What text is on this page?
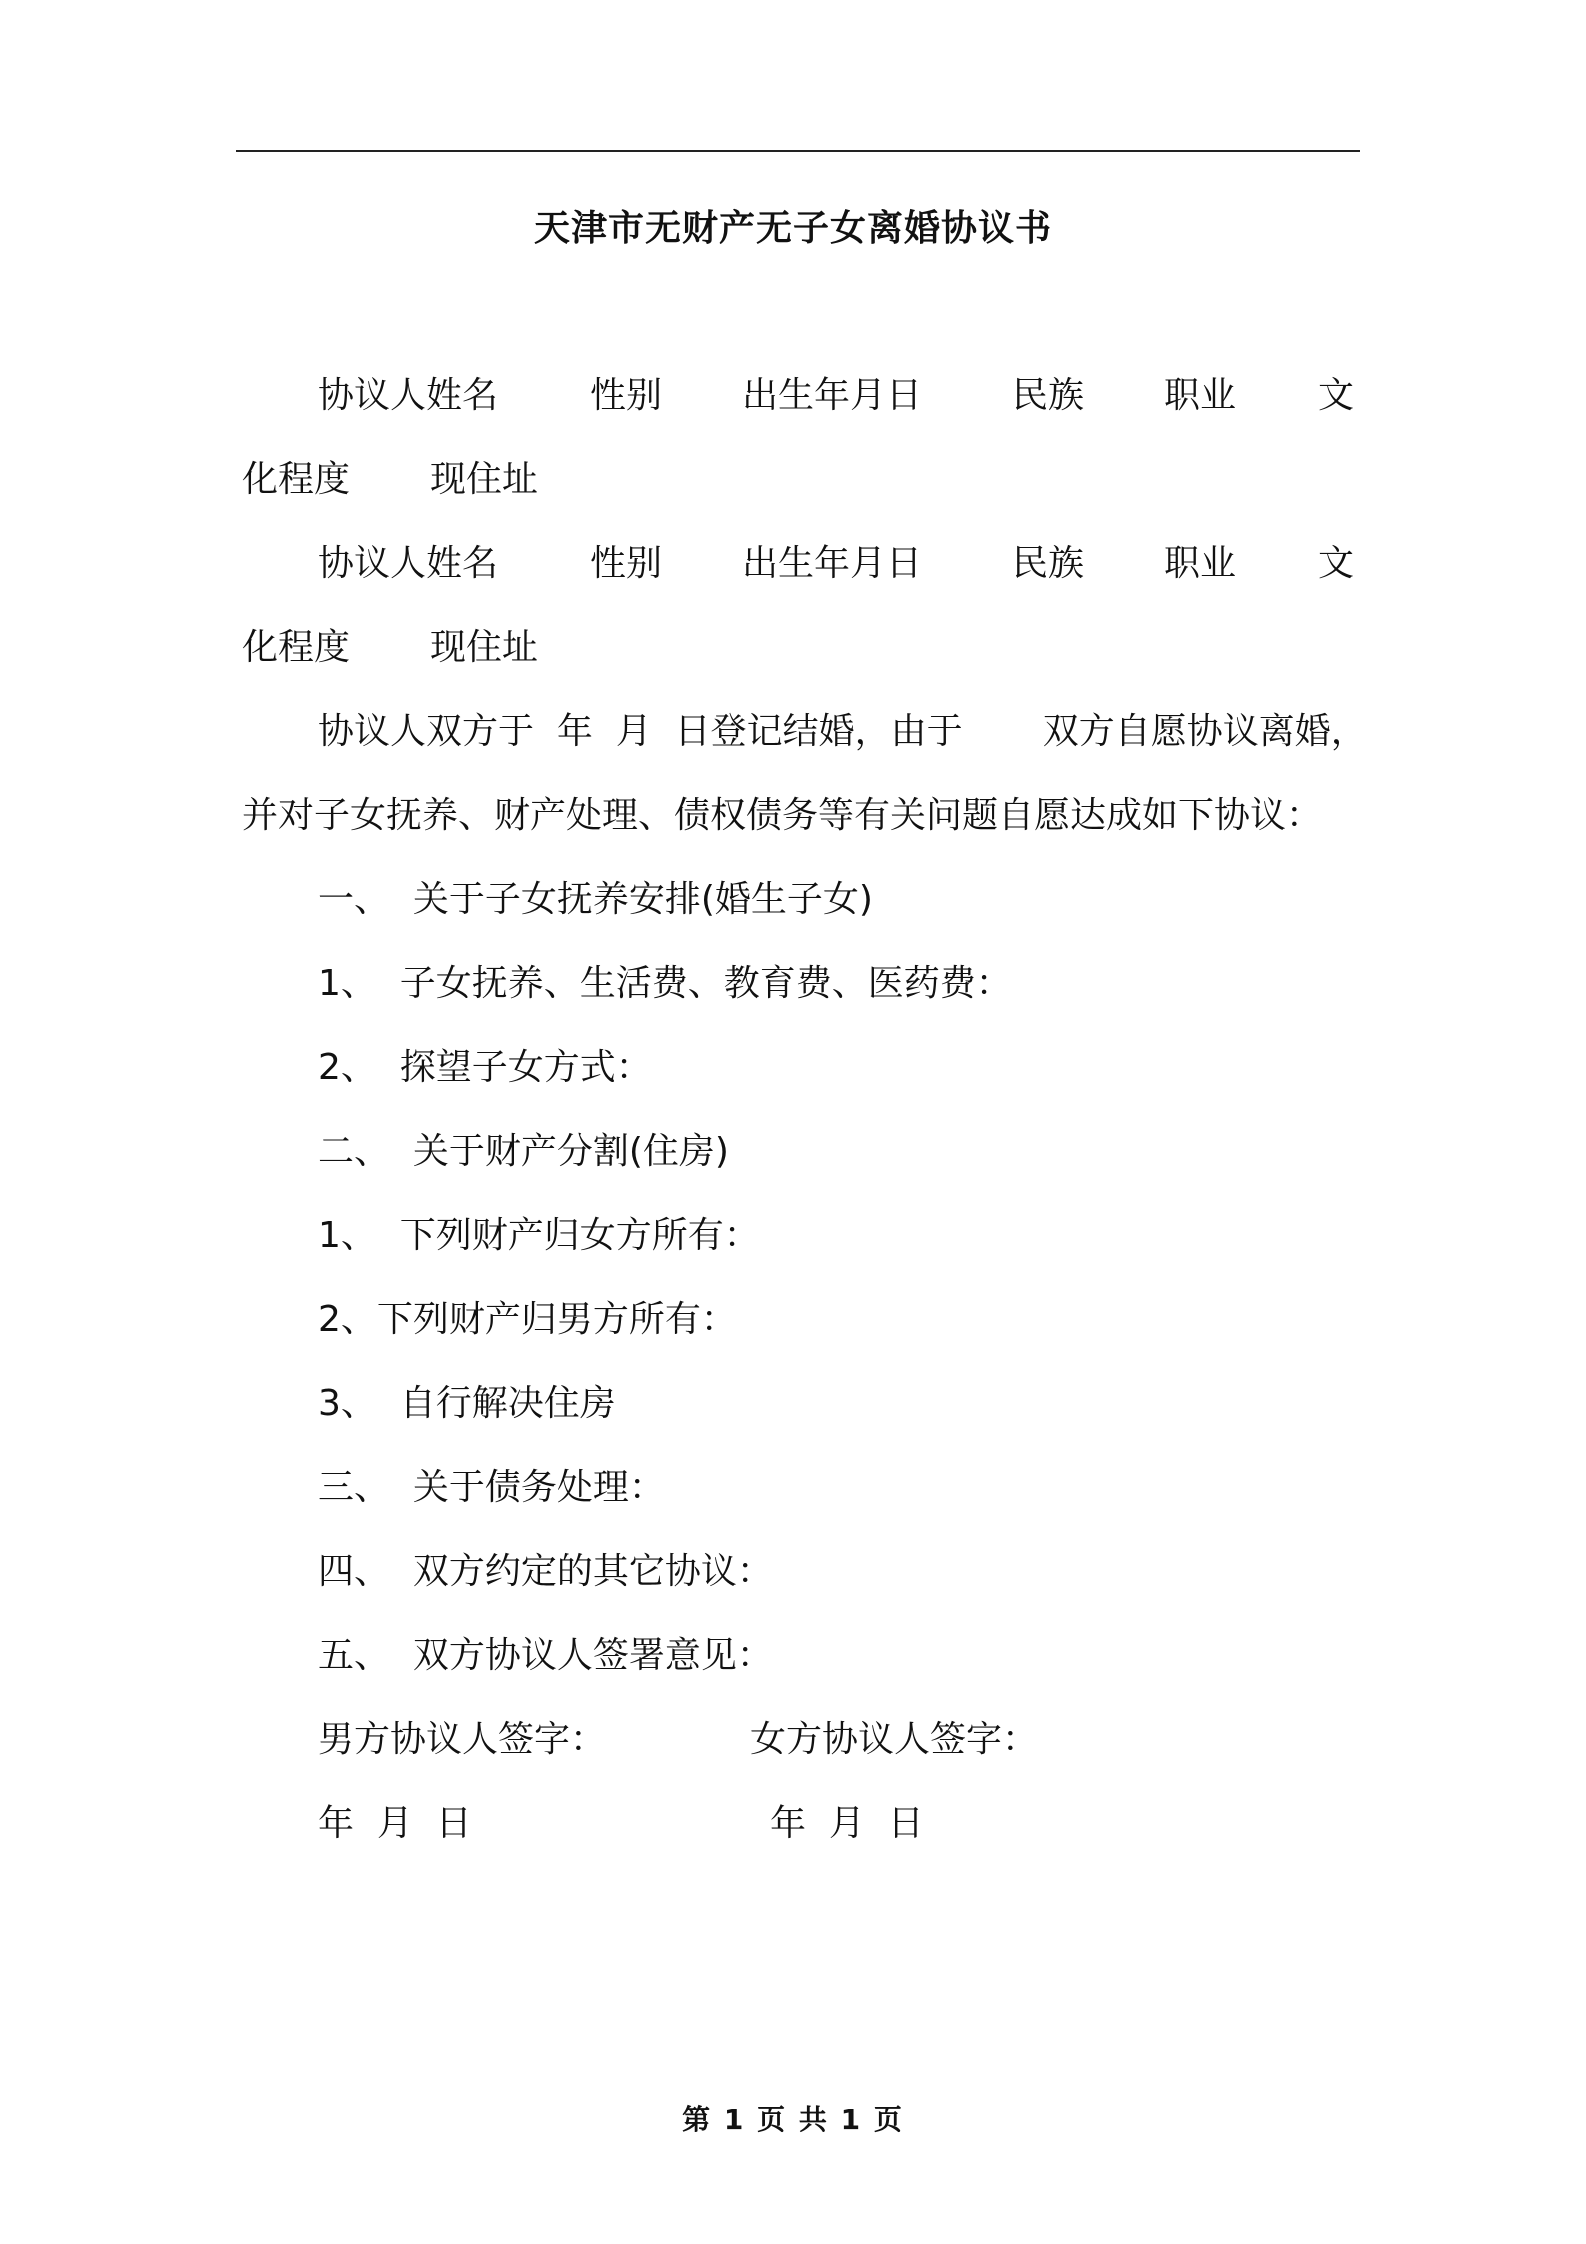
天津市无财产无子女离婚协议书
协议人姓名	性别 出生年月日 民族 职业 文
化程度 现住址
协议人姓名	性别 出生年月日 民族 职业 文
化程度 现住址
协议人双方于  年  月  日登记结婚，由于       双方自愿协议离婚，
并对子女抚养、财产处理、债权债务等有关问题自愿达成如下协议：
一、  关于子女抚养安排(婚生子女)
1、  子女抚养、生活费、教育费、医药费：
2、  探望子女方式：
二、  关于财产分割(住房)
1、  下列财产归女方所有：
2、下列财产归男方所有：
3、  自行解决住房
三、  关于债务处理：
四、  双方约定的其它协议：
五、  双方协议人签署意见：
男方协议人签字：	女方协议人签字：
年  月  日	年  月  日
第 1 页 共 1 页
